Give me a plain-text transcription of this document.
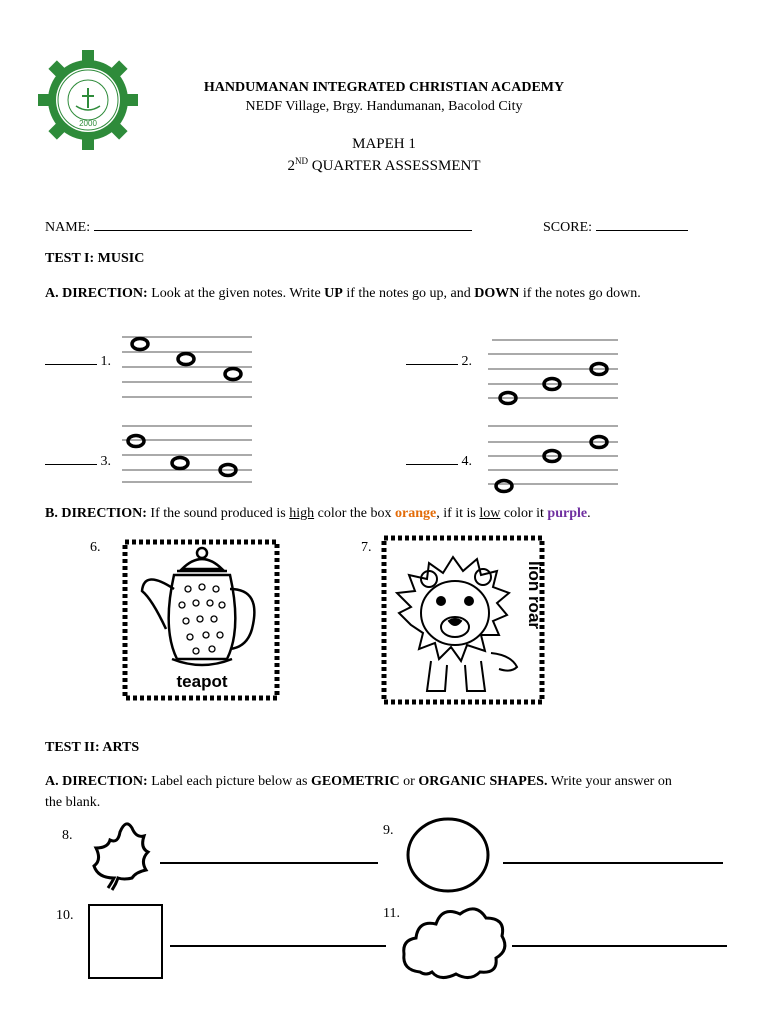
2000
HANDUMANAN INTEGRATED CHRISTIAN ACADEMY
NEDF Village, Brgy. Handumanan, Bacolod City
MAPEH 1
2ND QUARTER ASSESSMENT
NAME:	SCORE:
TEST I: MUSIC
A. DIRECTION: Look at the given notes. Write UP if the notes go up, and DOWN if the notes go down.
1.	2.
3.	4.
B. DIRECTION: If the sound produced is high color the box orange, if it is low color it purple.
6.	7.
teapot
lion roar
TEST II: ARTS
A. DIRECTION: Label each picture below as GEOMETRIC or ORGANIC SHAPES. Write your answer on
the blank.
8.	9.
10.	11.
